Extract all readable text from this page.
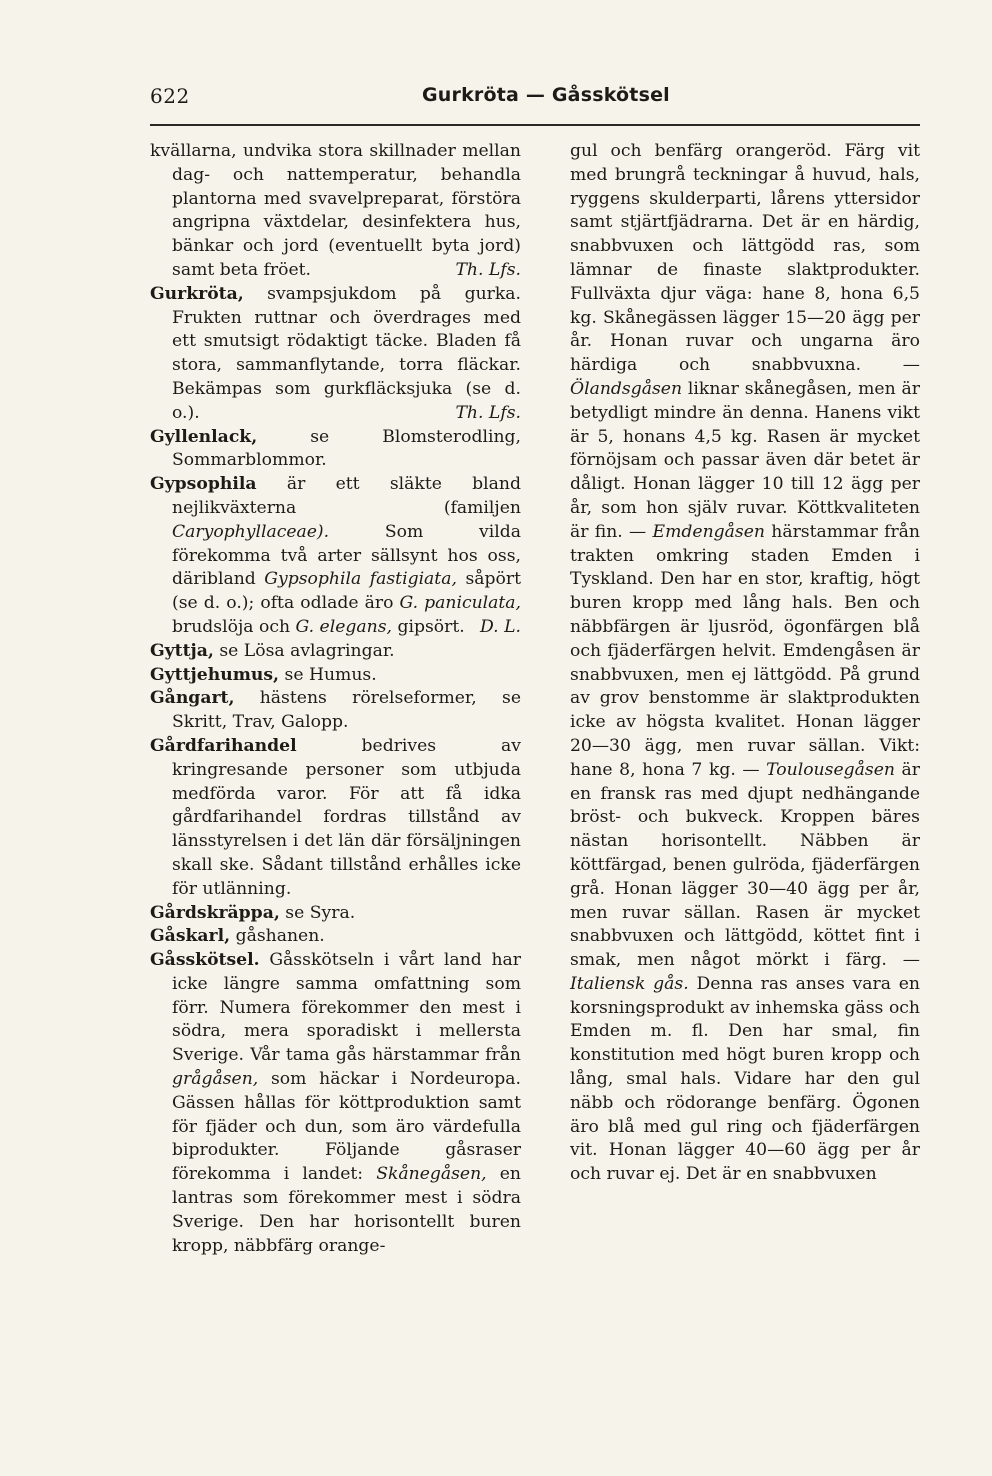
622	Gurkröta — Gåsskötsel

kvällarna, undvika stora skillnader mellan dag- och nattemperatur, behandla plantorna med svavelpreparat, förstöra angripna växtdelar, desinfektera hus, bänkar och jord (eventuellt byta jord) samt beta fröet.	Th. Lfs.

Gurkröta, svampsjukdom på gurka. Frukten ruttnar och överdrages med ett smutsigt rödaktigt täcke. Bladen få stora, sammanflytande, torra fläckar. Bekämpas som gurkfläcksjuka (se d. o.).	Th. Lfs.

Gyllenlack, se Blomsterodling, Sommarblommor.

Gypsophila är ett släkte bland nejlikväxterna (familjen Caryophyllaceae). Som vilda förekomma två arter sällsynt hos oss, däribland Gypsophila fastigiata, såpört (se d. o.); ofta odlade äro G. paniculata, brudslöja och G. elegans, gipsört. D. L.

Gyttja, se Lösa avlagringar.

Gyttjehumus, se Humus.

Gångart, hästens rörelseformer, se Skritt, Trav, Galopp.

Gårdfarihandel bedrives av kringresande personer som utbjuda medförda varor. För att få idka gårdfarihandel fordras tillstånd av länsstyrelsen i det län där försäljningen skall ske. Sådant tillstånd erhålles icke för utlänning.

Gårdskräppa, se Syra.

Gåskarl, gåshanen.

Gåsskötsel. Gåsskötseln i vårt land har icke längre samma omfattning som förr. Numera förekommer den mest i södra, mera sporadiskt i mellersta Sverige. Vår tama gås härstammar från grågåsen, som häckar i Nordeuropa. Gässen hållas för köttproduktion samt för fjäder och dun, som äro värdefulla biprodukter. Följande gåsraser förekomma i landet: Skånegåsen, en lantras som förekommer mest i södra Sverige. Den har horisontellt buren kropp, näbbfärg orange-

gul och benfärg orangeröd. Färg vit med brungrå teckningar å huvud, hals, ryggens skulderparti, lårens yttersidor samt stjärtfjädrarna. Det är en härdig, snabbvuxen och lättgödd ras, som lämnar de finaste slaktprodukter. Fullväxta djur väga: hane 8, hona 6,5 kg. Skånegässen lägger 15—20 ägg per år. Honan ruvar och ungarna äro härdiga och snabbvuxna. — Ölandsgåsen liknar skånegåsen, men är betydligt mindre än denna. Hanens vikt är 5, honans 4,5 kg. Rasen är mycket förnöjsam och passar även där betet är dåligt. Honan lägger 10 till 12 ägg per år, som hon själv ruvar. Köttkvaliteten är fin. — Emdengåsen härstammar från trakten omkring staden Emden i Tyskland. Den har en stor, kraftig, högt buren kropp med lång hals. Ben och näbbfärgen är ljusröd, ögonfärgen blå och fjäderfärgen helvit. Emdengåsen är snabbvuxen, men ej lättgödd. På grund av grov benstomme är slaktprodukten icke av högsta kvalitet. Honan lägger 20—30 ägg, men ruvar sällan. Vikt: hane 8, hona 7 kg. — Toulousegåsen är en fransk ras med djupt nedhängande bröst- och bukveck. Kroppen bäres nästan horisontellt. Näbben är köttfärgad, benen gulröda, fjäderfärgen grå. Honan lägger 30—40 ägg per år, men ruvar sällan. Rasen är mycket snabbvuxen och lättgödd, köttet fint i smak, men något mörkt i färg. — Italiensk gås. Denna ras anses vara en korsningsprodukt av inhemska gäss och Emden m. fl. Den har smal, fin konstitution med högt buren kropp och lång, smal hals. Vidare har den gul näbb och rödorange benfärg. Ögonen äro blå med gul ring och fjäderfärgen vit. Honan lägger 40—60 ägg per år och ruvar ej. Det är en snabbvuxen
